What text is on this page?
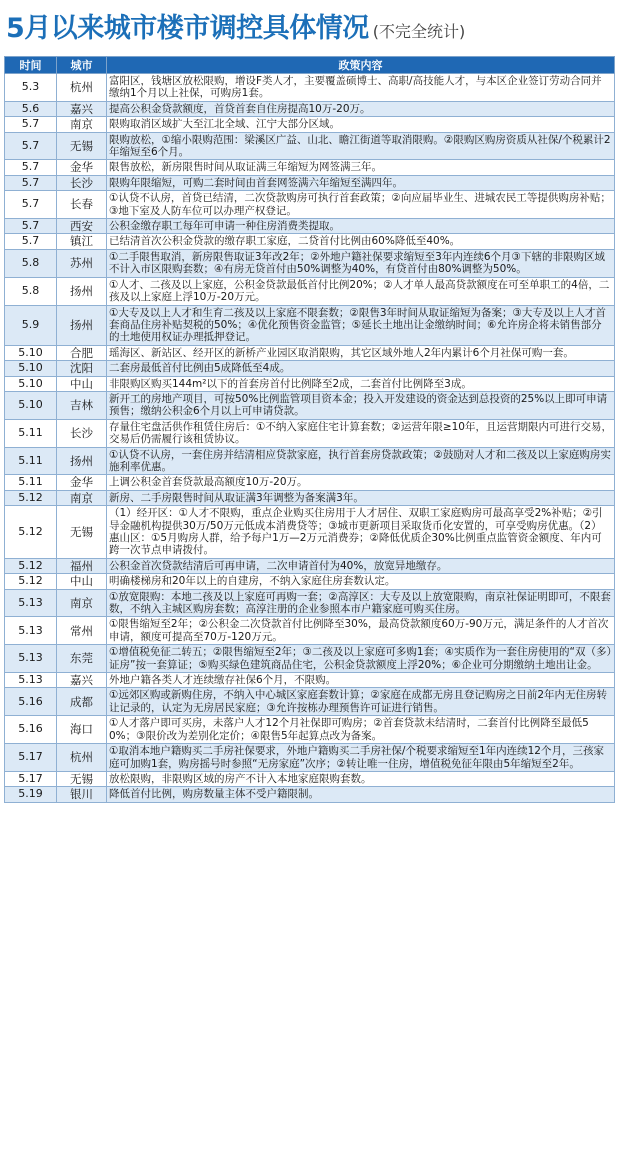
5月以来城市楼市调控具体情况 (不完全统计)
时间	城市	政策内容
5.3	杭州	富阳区，钱塘区放松限购，增设F类人才，主要覆盖硕博士、高职/高技能人才，与本区企业签订劳动合同并缴纳1个月以上社保，可购房1套。
5.6	嘉兴	提高公积金贷款额度，首贷首套自住房提高10万-20万。
5.7	南京	限购取消区域扩大至江北全域、江宁大部分区域。
5.7	无锡	限购放松，①缩小限购范围：梁溪区广益、山北、瞻江街道等取消限购。②限购区购房资质从社保/个税累计2年缩短至6个月。
5.7	金华	限售放松，新房限售时间从取证满三年缩短为网签满三年。
5.7	长沙	限购年限缩短，可购二套时间由首套网签满六年缩短至满四年。
5.7	长春	①认贷不认房，首贷已结清，二次贷款购房可执行首套政策；②向应届毕业生、进城农民工等提供购房补贴；③地下室及人防车位可以办理产权登记。
5.7	西安	公积金缴存职工每年可申请一种住房消费类提取。
5.7	镇江	已结清首次公积金贷款的缴存职工家庭，二贷首付比例由60%降低至40%。
5.8	苏州	①二手限售取消，新房限售取证3年改2年；②外地户籍社保要求缩短至3年内连续6个月③下辖的非限购区域不计入市区限购套数；④有房无贷首付由50%调整为40%，有贷首付由80%调整为50%。
5.8	扬州	①人才、二孩及以上家庭，公积金贷款最低首付比例20%；②人才单人最高贷款额度在可至单职工的4倍，二孩及以上家庭上浮10万-20万元。
5.9	扬州	①大专及以上人才和生育二孩及以上家庭不限套数；②限售3年时间从取证缩短为备案；③大专及以上人才首套商品住房补贴契税的50%；④优化预售资金监管；⑤延长土地出让金缴纳时间；⑥允许房企将未销售部分的土地使用权证办理抵押登记。
5.10	合肥	瑶海区、新站区、经开区的新桥产业园区取消限购，其它区域外地人2年内累计6个月社保可购一套。
5.10	沈阳	二套房最低首付比例由5成降低至4成。
5.10	中山	非限购区购买144m²以下的首套房首付比例降至2成，二套首付比例降至3成。
5.10	吉林	新开工的房地产项目，可按50%比例监管项目资本金；投入开发建设的资金达到总投资的25%以上即可申请预售；缴纳公积金6个月以上可申请贷款。
5.11	长沙	存量住宅盘活供作租赁住房后：①不纳入家庭住宅计算套数；②运营年限≥10年，且运营期限内可进行交易，交易后仍需履行该租赁协议。
5.11	扬州	①认贷不认房，一套住房并结清相应贷款家庭，执行首套房贷款政策；②鼓励对人才和二孩及以上家庭购房实施利率优惠。
5.11	金华	上调公积金首套贷款最高额度10万-20万。
5.12	南京	新房、二手房限售时间从取证满3年调整为备案满3年。
5.12	无锡	（1）经开区：①人才不限购，重点企业购买住房用于人才居住、双职工家庭购房可最高享受2%补贴；②引导金融机构提供30万/50万元低成本消费贷等；③城市更新项目采取货币化安置的，可享受购房优惠。（2）惠山区：①5月购房人群，给予每户1万—2万元消费券；②降低优质企30%比例重点监管资金额度、年内可跨一次节点申请拨付。
5.12	福州	公积金首次贷款结清后可再申请，二次申请首付为40%，放宽异地缴存。
5.12	中山	明确楼梯房和20年以上的自建房，不纳入家庭住房套数认定。
5.13	南京	①放宽限购：本地二孩及以上家庭可再购一套；②高淳区：大专及以上放宽限购，南京社保证明即可，不限套数，不纳入主城区购房套数；高淳注册的企业参照本市户籍家庭可购买住房。
5.13	常州	①限售缩短至2年；②公积金二次贷款首付比例降至30%，最高贷款额度60万-90万元，满足条件的人才首次申请，额度可提高至70万-120万元。
5.13	东莞	①增值税免征二转五；②限售缩短至2年；③二孩及以上家庭可多购1套；④实质作为一套住房使用的“双（多）证房”按一套算证；⑤购买绿色建筑商品住宅，公积金贷款额度上浮20%；⑥企业可分期缴纳土地出让金。
5.13	嘉兴	外地户籍各类人才连续缴存社保6个月，不限购。
5.16	成都	①远郊区购或新购住房，不纳入中心城区家庭套数计算；②家庭在成都无房且登记购房之日前2年内无住房转让记录的，认定为无房居民家庭；③允许按栋办理预售许可证进行销售。
5.16	海口	①人才落户即可买房，未落户人才12个月社保即可购房；②首套贷款未结清时，二套首付比例降至最低50%；③限价改为差别化定价；④限售5年起算点改为备案。
5.17	杭州	①取消本地户籍购买二手房社保要求，外地户籍购买二手房社保/个税要求缩短至1年内连续12个月，三孩家庭可加购1套，购房摇号时参照“无房家庭”次序；②转让唯一住房，增值税免征年限由5年缩短至2年。
5.17	无锡	放松限购，非限购区域的房产不计入本地家庭限购套数。
5.19	银川	降低首付比例，购房数量主体不受户籍限制。
